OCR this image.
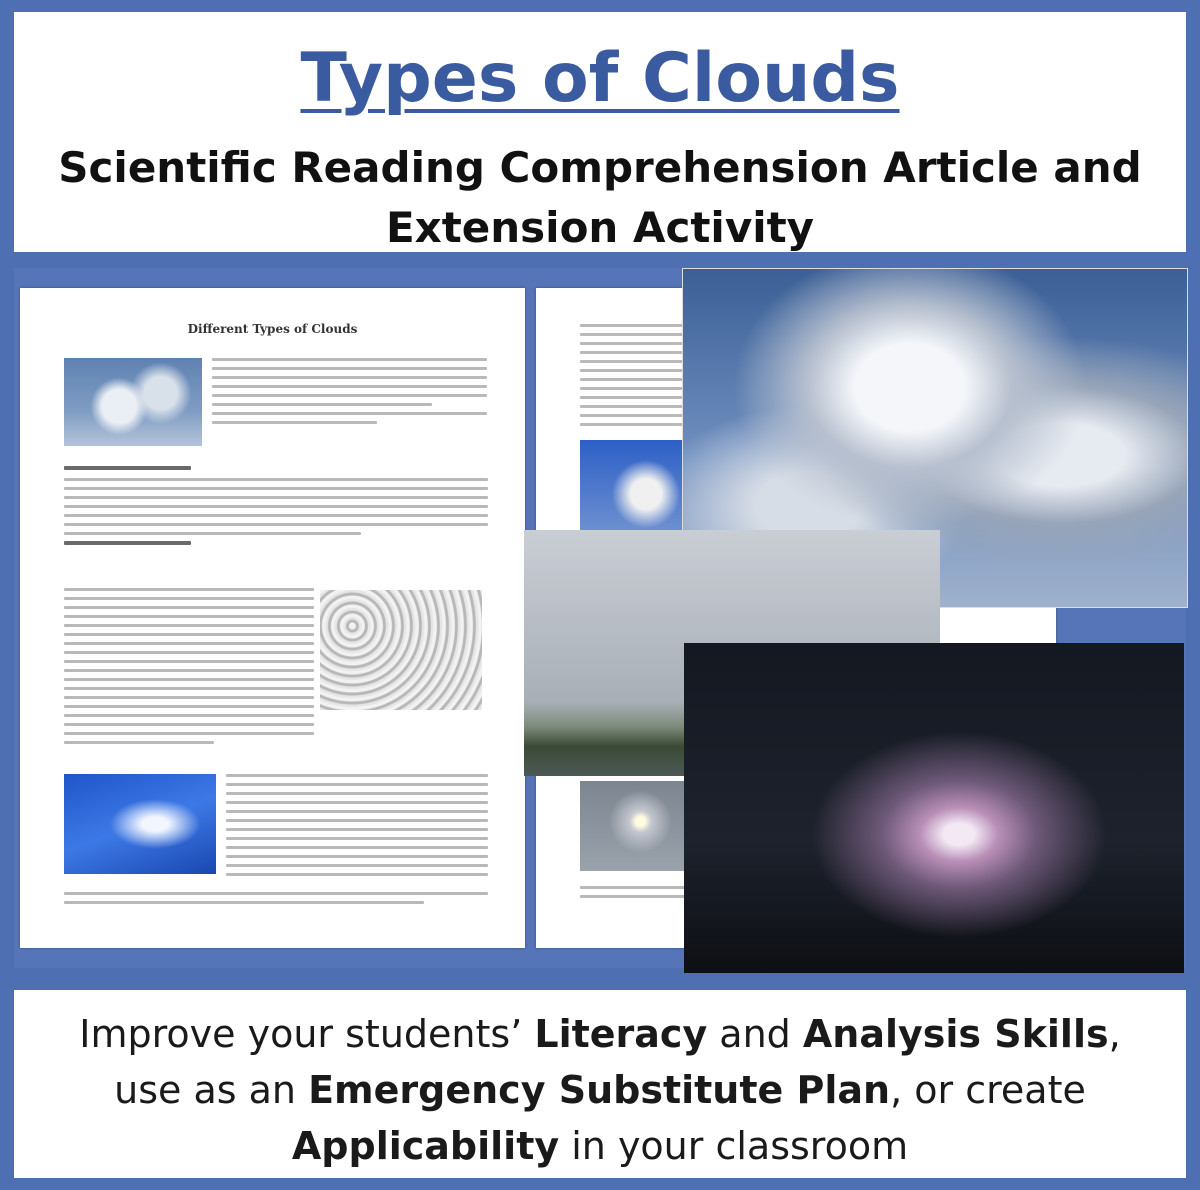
Types of Clouds
Scientific Reading Comprehension Article and Extension Activity
Different Types of Clouds

Improve your students’ Literacy and Analysis Skills,
use as an Emergency Substitute Plan, or create
Applicability in your classroom
